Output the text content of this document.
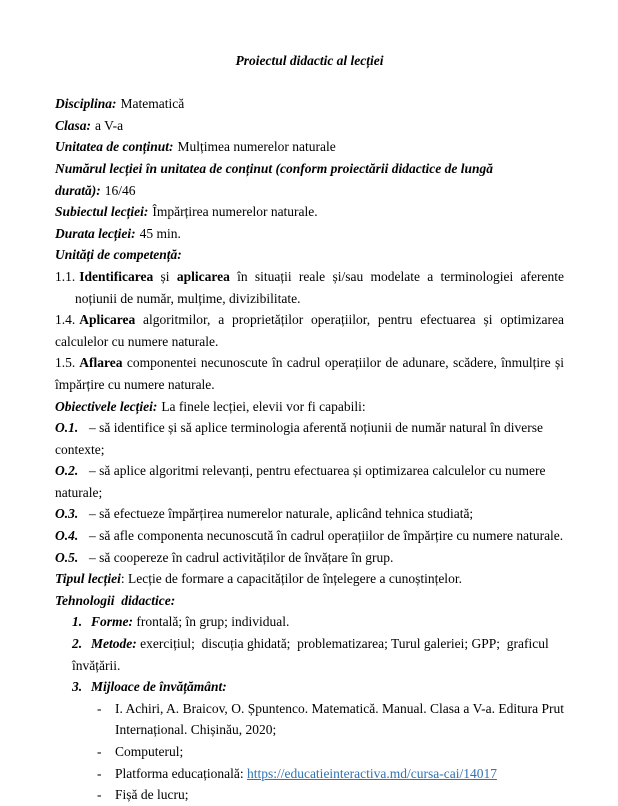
Proiectul didactic al lecției
Disciplina: Matematică
Clasa: a V-a
Unitatea de conținut: Mulțimea numerelor naturale
Numărul lecției în unitatea de conținut (conform proiectării didactice de lungă durată): 16/46
Subiectul lecției: Împărțirea numerelor naturale.
Durata lecției: 45 min.
Unități de competență:
1.1. Identificarea și aplicarea în situații reale și/sau modelate a terminologiei aferente noțiunii de număr, mulțime, divizibilitate.
1.4. Aplicarea algoritmilor, a proprietăților operațiilor, pentru efectuarea și optimizarea calculelor cu numere naturale.
1.5. Aflarea componentei necunoscute în cadrul operațiilor de adunare, scădere, înmulțire și împărțire cu numere naturale.
Obiectivele lecției: La finele lecției, elevii vor fi capabili:
O.1. – să identifice și să aplice terminologia aferentă noțiunii de număr natural în diverse contexte;
O.2. – să aplice algoritmi relevanți, pentru efectuarea și optimizarea calculelor cu numere naturale;
O.3. – să efectueze împărțirea numerelor naturale, aplicând tehnica studiată;
O.4. – să afle componenta necunoscută în cadrul operațiilor de împărțire cu numere naturale.
O.5. – să coopereze în cadrul activităților de învățare în grup.
Tipul lecției: Lecție de formare a capacităților de înțelegere a cunoștințelor.
Tehnologii  didactice:
1. Forme: frontală; în grup; individual.
2. Metode: exercițiul;  discuția ghidată;  problematizarea; Turul galeriei; GPP;  graficul învățării.
3. Mijloace de învățământ:
- I. Achiri, A. Braicov, O. Șpuntenco. Matematică. Manual. Clasa a V-a. Editura Prut Internațional. Chișinău, 2020;
- Computerul;
- Platforma educațională: https://educatieinteractiva.md/cursa-cai/14017
- Fișă de lucru;
